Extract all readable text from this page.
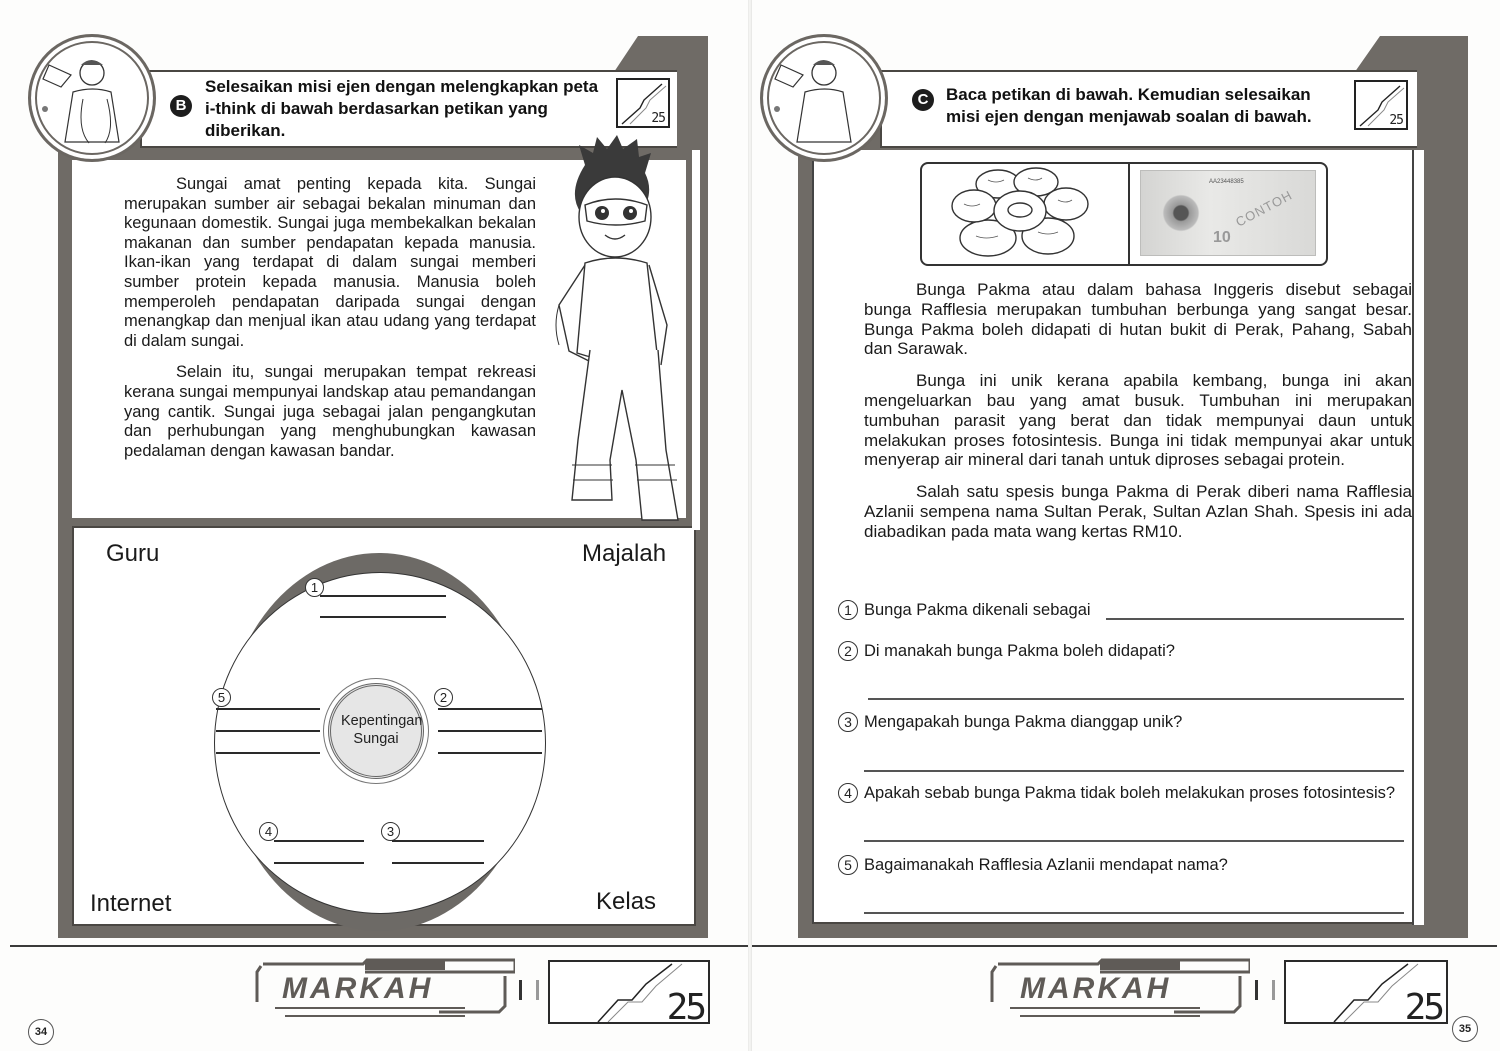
B
Selesaikan misi ejen dengan melengkapkan peta i-think di bawah berdasarkan petikan yang diberikan.
25

Sungai amat penting kepada kita. Sungai merupakan sumber air sebagai bekalan minuman dan kegunaan domestik. Sungai juga membekalkan bekalan makanan dan sumber pendapatan kepada manusia. Ikan-ikan yang terdapat di dalam sungai memberi sumber protein kepada manusia. Manusia boleh memperoleh pendapatan daripada sungai dengan menangkap dan menjual ikan atau udang yang terdapat di dalam sungai.

Selain itu, sungai merupakan tempat rekreasi kerana sungai mempunyai landskap atau pemandangan yang cantik. Sungai juga sebagai jalan pengangkutan dan perhubungan yang menghubungkan kawasan pedalaman dengan kawasan bandar.

Guru	Majalah
Internet	Kelas
Kepentingan Sungai
1
5	2
4	3
MARKAH	25
34
C	Baca petikan di bawah. Kemudian selesaikan misi ejen dengan menjawab soalan di bawah.	25
AA23448385
CONTOH
10

Bunga Pakma atau dalam bahasa Inggeris disebut sebagai bunga Rafflesia merupakan tumbuhan berbunga yang sangat besar. Bunga Pakma boleh didapati di hutan bukit di Perak, Pahang, Sabah dan Sarawak.

Bunga ini unik kerana apabila kembang, bunga ini akan mengeluarkan bau yang amat busuk. Tumbuhan ini merupakan tumbuhan parasit yang berat dan tidak mempunyai daun untuk melakukan proses fotosintesis. Bunga ini tidak mempunyai akar untuk menyerap air mineral dari tanah untuk diproses sebagai protein.

Salah satu spesis bunga Pakma di Perak diberi nama Rafflesia Azlanii sempena nama Sultan Perak, Sultan Azlan Shah. Spesis ini ada diabadikan pada mata wang kertas RM10.

1 Bunga Pakma dikenali sebagai
2 Di manakah bunga Pakma boleh didapati?
3 Mengapakah bunga Pakma dianggap unik?
4 Apakah sebab bunga Pakma tidak boleh melakukan proses fotosintesis?
5 Bagaimanakah Rafflesia Azlanii mendapat nama?
MARKAH	25
35
